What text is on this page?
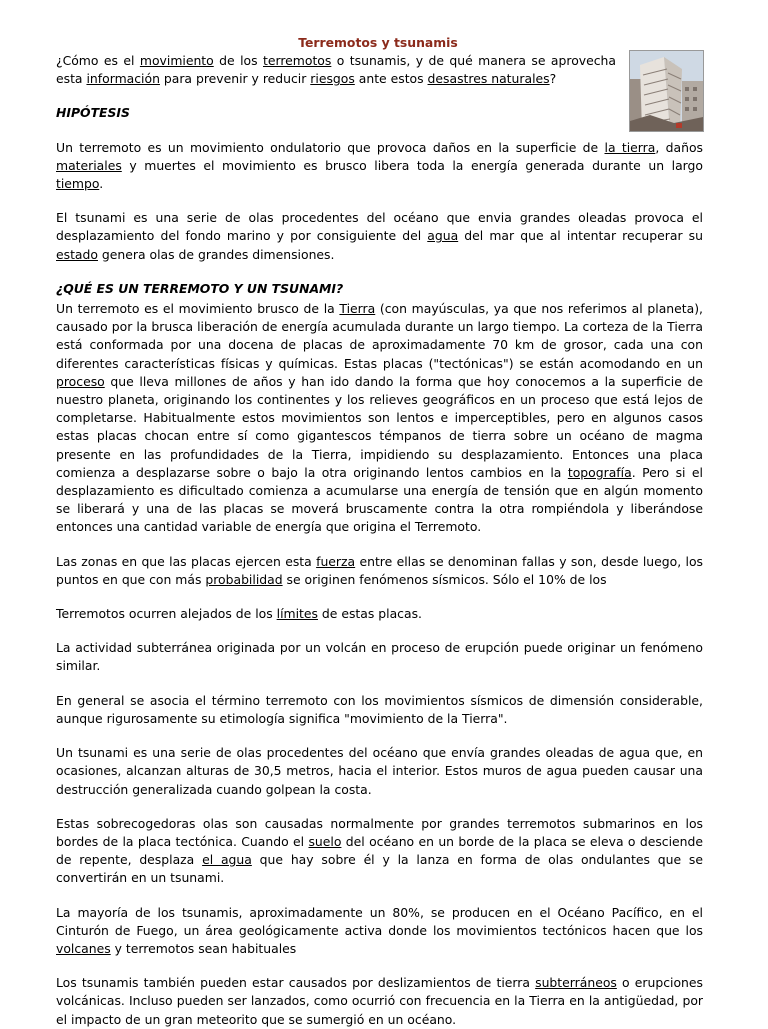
Terremotos y tsunamis

¿Cómo es el movimiento de los terremotos o tsunamis, y de qué manera se aprovecha esta información para prevenir y reducir riesgos ante estos desastres naturales?

HIPÓTESIS

Un terremoto es un movimiento ondulatorio que provoca daños en la superficie de la tierra, daños materiales y muertes el movimiento es brusco libera toda la energía generada durante un largo tiempo.

El tsunami es una serie de olas procedentes del océano que envia grandes oleadas provoca el desplazamiento del fondo marino y por consiguiente del agua del mar que al intentar recuperar su estado genera olas de grandes dimensiones.

¿QUÉ ES UN TERREMOTO Y UN TSUNAMI?

Un terremoto es el movimiento brusco de la Tierra (con mayúsculas, ya que nos referimos al planeta), causado por la brusca liberación de energía acumulada durante un largo tiempo. La corteza de la Tierra está conformada por una docena de placas de aproximadamente 70 km de grosor, cada una con diferentes características físicas y químicas. Estas placas ("tectónicas") se están acomodando en un proceso que lleva millones de años y han ido dando la forma que hoy conocemos a la superficie de nuestro planeta, originando los continentes y los relieves geográficos en un proceso que está lejos de completarse. Habitualmente estos movimientos son lentos e imperceptibles, pero en algunos casos estas placas chocan entre sí como gigantescos témpanos de tierra sobre un océano de magma presente en las profundidades de la Tierra, impidiendo su desplazamiento. Entonces una placa comienza a desplazarse sobre o bajo la otra originando lentos cambios en la topografía. Pero si el desplazamiento es dificultado comienza a acumularse una energía de tensión que en algún momento se liberará y una de las placas se moverá bruscamente contra la otra rompiéndola y liberándose entonces una cantidad variable de energía que origina el Terremoto.

Las zonas en que las placas ejercen esta fuerza entre ellas se denominan fallas y son, desde luego, los puntos en que con más probabilidad se originen fenómenos sísmicos. Sólo el 10% de los

Terremotos ocurren alejados de los límites de estas placas.

La actividad subterránea originada por un volcán en proceso de erupción puede originar un fenómeno similar.

En general se asocia el término terremoto con los movimientos sísmicos de dimensión considerable, aunque rigurosamente su etimología significa "movimiento de la Tierra".

Un tsunami es una serie de olas procedentes del océano que envía grandes oleadas de agua que, en ocasiones, alcanzan alturas de 30,5 metros, hacia el interior. Estos muros de agua pueden causar una destrucción generalizada cuando golpean la costa.

Estas sobrecogedoras olas son causadas normalmente por grandes terremotos submarinos en los bordes de la placa tectónica. Cuando el suelo del océano en un borde de la placa se eleva o desciende de repente, desplaza el agua que hay sobre él y la lanza en forma de olas ondulantes que se convertirán en un tsunami.

La mayoría de los tsunamis, aproximadamente un 80%, se producen en el Océano Pacífico, en el Cinturón de Fuego, un área geológicamente activa donde los movimientos tectónicos hacen que los volcanes y terremotos sean habituales

Los tsunamis también pueden estar causados por deslizamientos de tierra subterráneos o erupciones volcánicas. Incluso pueden ser lanzados, como ocurrió con frecuencia en la Tierra en la antigüedad, por el impacto de un gran meteorito que se sumergió en un océano.
